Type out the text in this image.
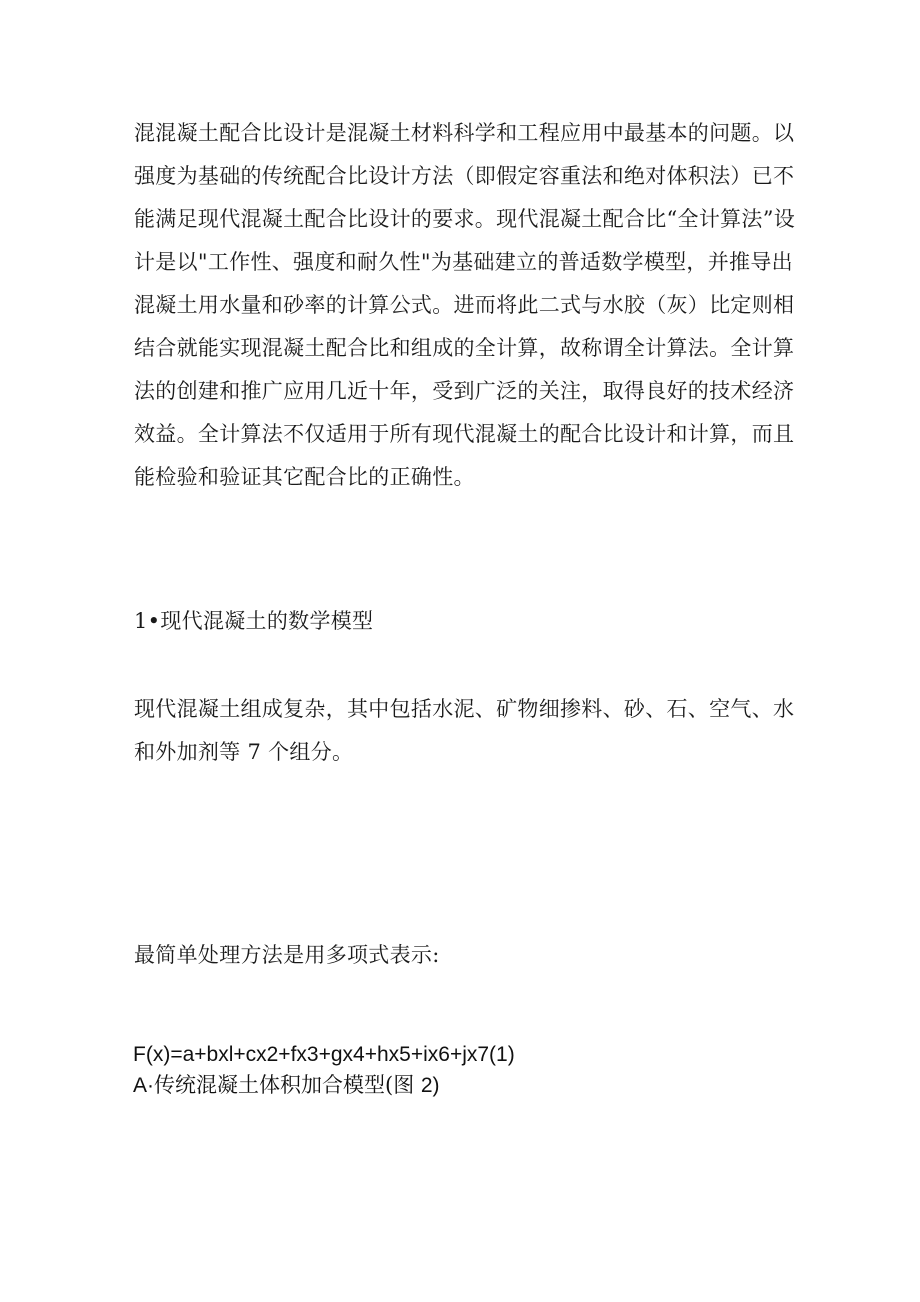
混混凝土配合比设计是混凝土材料科学和工程应用中最基本的问题。以强度为基础的传统配合比设计方法（即假定容重法和绝对体积法）已不能满足现代混凝土配合比设计的要求。现代混凝土配合比“全计算法”设计是以"工作性、强度和耐久性"为基础建立的普适数学模型，并推导出混凝土用水量和砂率的计算公式。进而将此二式与水胶（灰）比定则相结合就能实现混凝土配合比和组成的全计算，故称谓全计算法。全计算法的创建和推广应用几近十年，受到广泛的关注，取得良好的技术经济效益。全计算法不仅适用于所有现代混凝土的配合比设计和计算，而且能检验和验证其它配合比的正确性。

1•现代混凝土的数学模型

现代混凝土组成复杂，其中包括水泥、矿物细掺料、砂、石、空气、水和外加剂等 7 个组分。

最简单处理方法是用多项式表示:

F(x)=a+bxl+cx2+fx3+gx4+hx5+ix6+jx7(1)

A·传统混凝土体积加合模型(图 2)
